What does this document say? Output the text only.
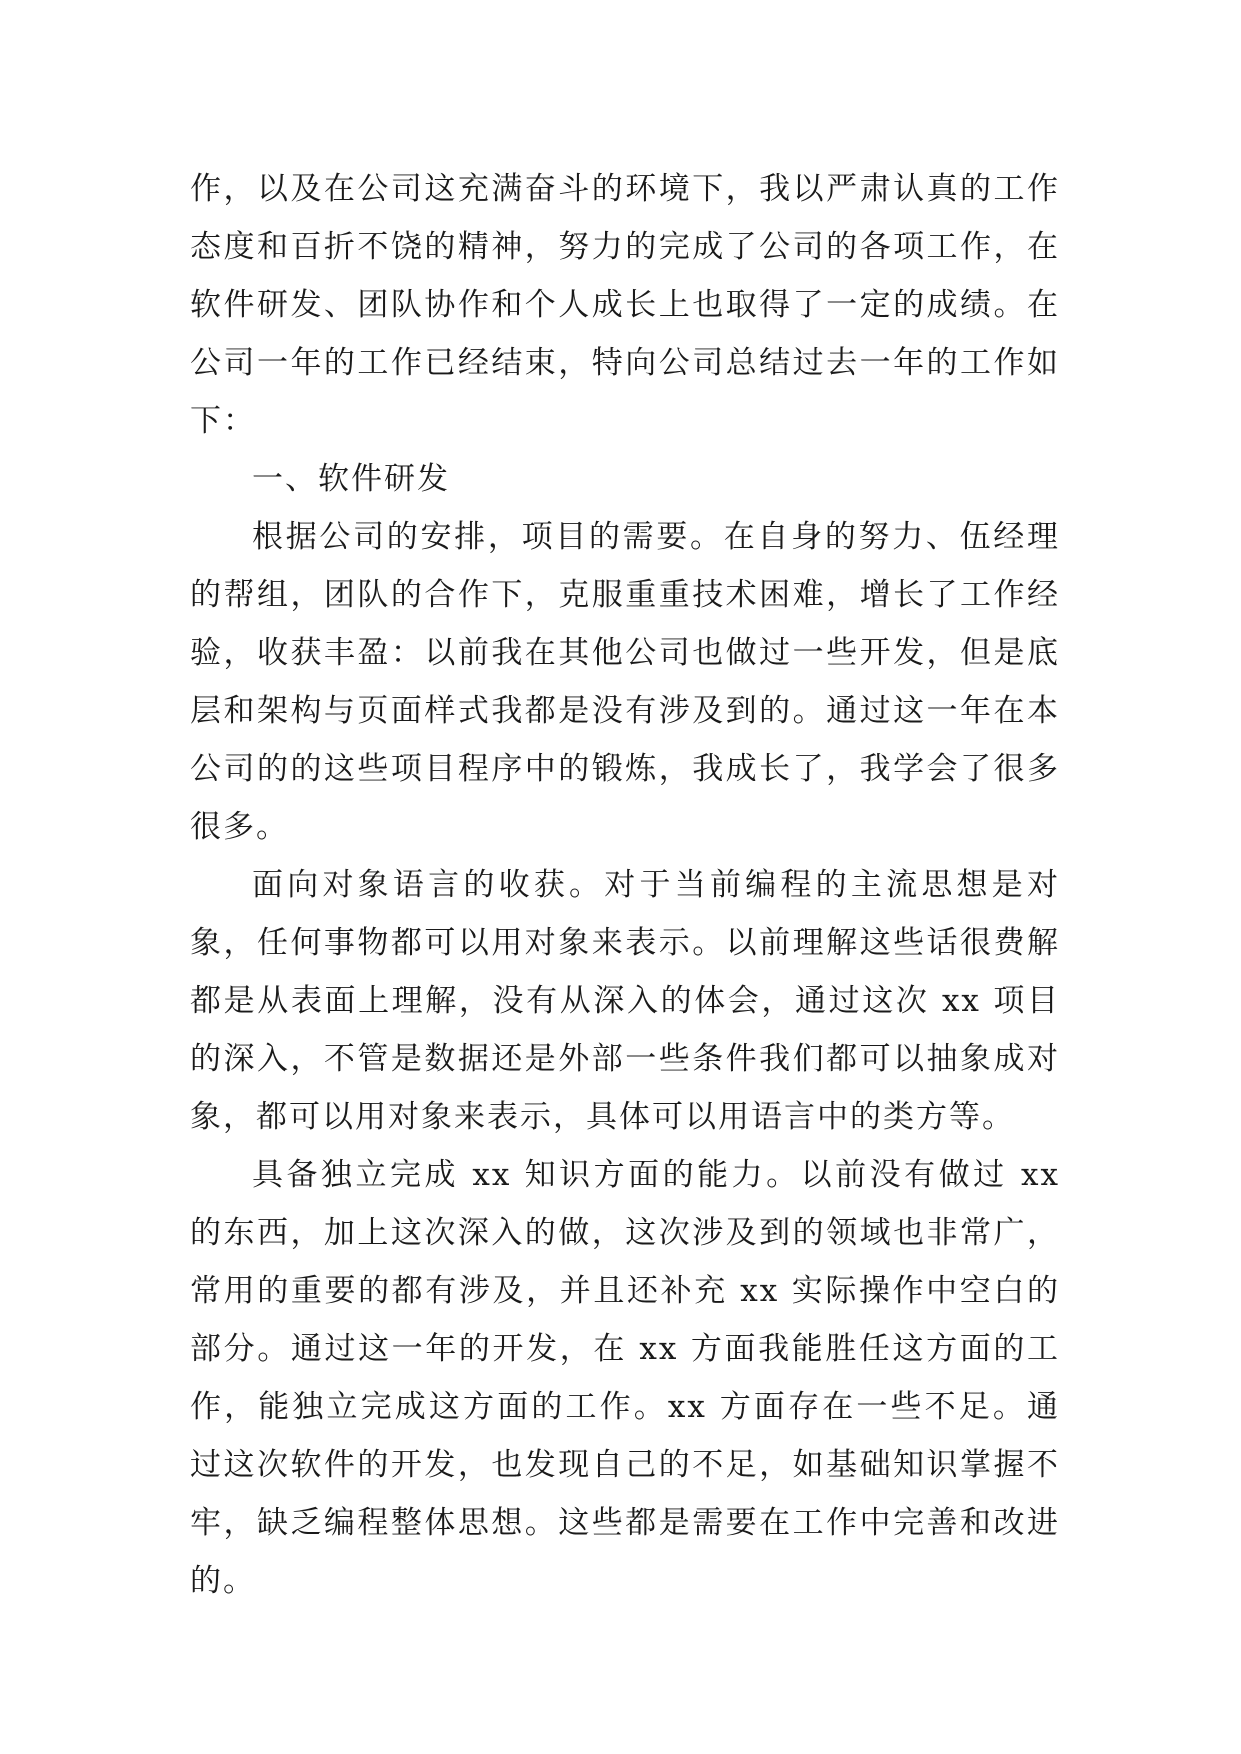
作，以及在公司这充满奋斗的环境下，我以严肃认真的工作态度和百折不饶的精神，努力的完成了公司的各项工作，在软件研发、团队协作和个人成长上也取得了一定的成绩。在公司一年的工作已经结束，特向公司总结过去一年的工作如下：

一、软件研发

根据公司的安排，项目的需要。在自身的努力、伍经理的帮组，团队的合作下，克服重重技术困难，增长了工作经验，收获丰盈：以前我在其他公司也做过一些开发，但是底层和架构与页面样式我都是没有涉及到的。通过这一年在本公司的的这些项目程序中的锻炼，我成长了，我学会了很多很多。

面向对象语言的收获。对于当前编程的主流思想是对象，任何事物都可以用对象来表示。以前理解这些话很费解都是从表面上理解，没有从深入的体会，通过这次 xx 项目的深入，不管是数据还是外部一些条件我们都可以抽象成对象，都可以用对象来表示，具体可以用语言中的类方等。

具备独立完成 xx 知识方面的能力。以前没有做过 xx 的东西，加上这次深入的做，这次涉及到的领域也非常广，常用的重要的都有涉及，并且还补充 xx 实际操作中空白的部分。通过这一年的开发，在 xx 方面我能胜任这方面的工作，能独立完成这方面的工作。xx 方面存在一些不足。通过这次软件的开发，也发现自己的不足，如基础知识掌握不牢，缺乏编程整体思想。这些都是需要在工作中完善和改进的。
